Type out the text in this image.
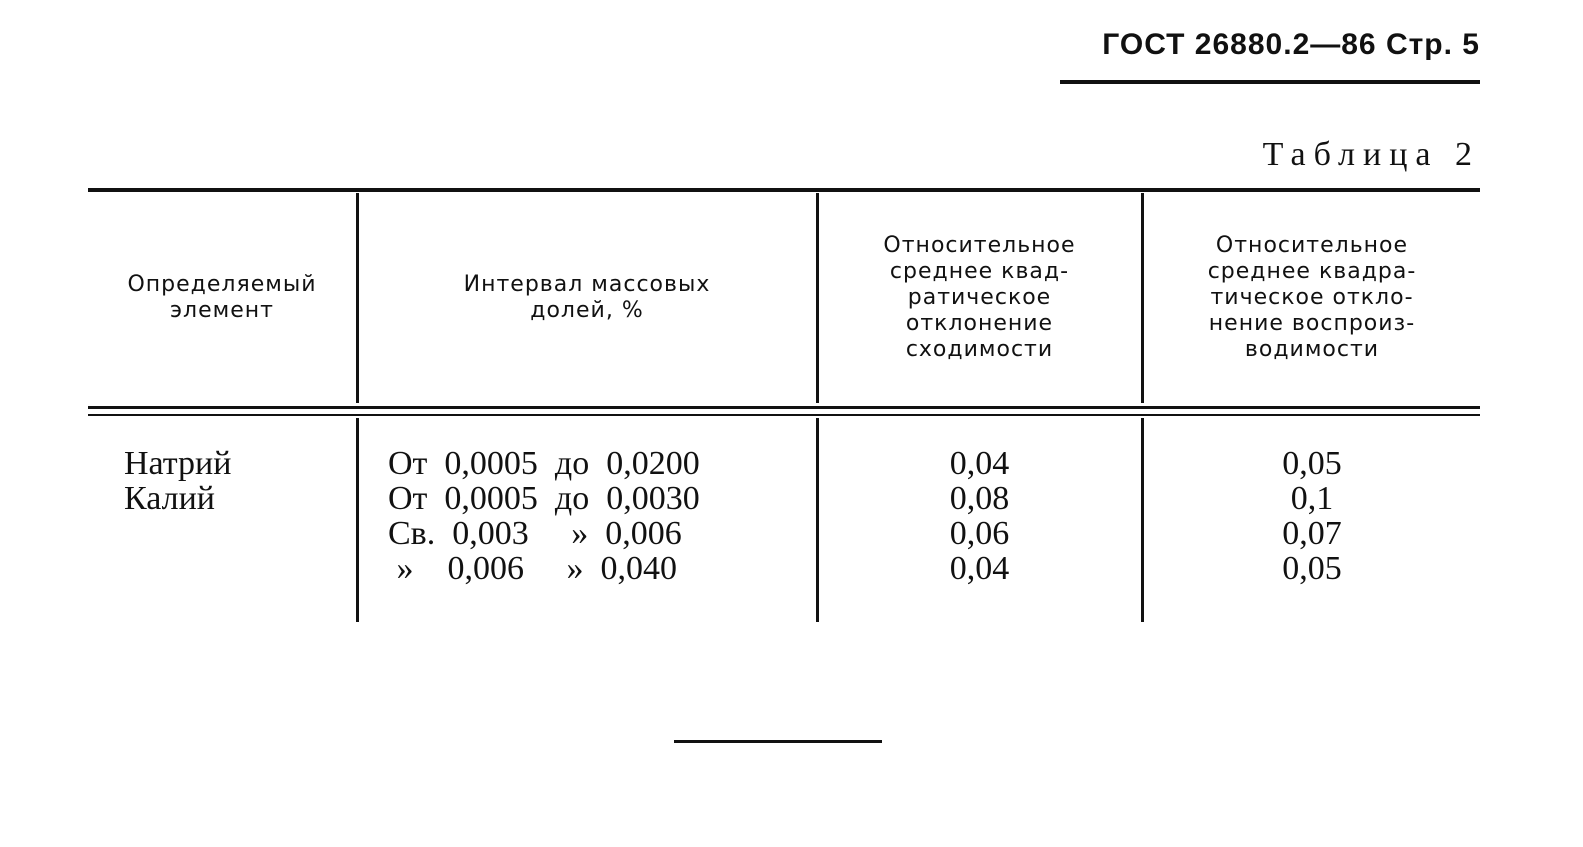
ГОСТ 26880.2—86 Стр. 5
Таблица 2
Определяемый
элемент
Интервал массовых
долей, %
Относительное
среднее квад-
ратическое
отклонение
сходимости
Относительное
среднее квадра-
тическое откло-
нение воспроиз-
водимости
Натрий
Калий
От  0,0005  до  0,0200
От  0,0005  до  0,0030
Св.  0,003     »  0,006
»    0,006     »  0,040
0,04
0,08
0,06
0,04
0,05
0,1
0,07
0,05
